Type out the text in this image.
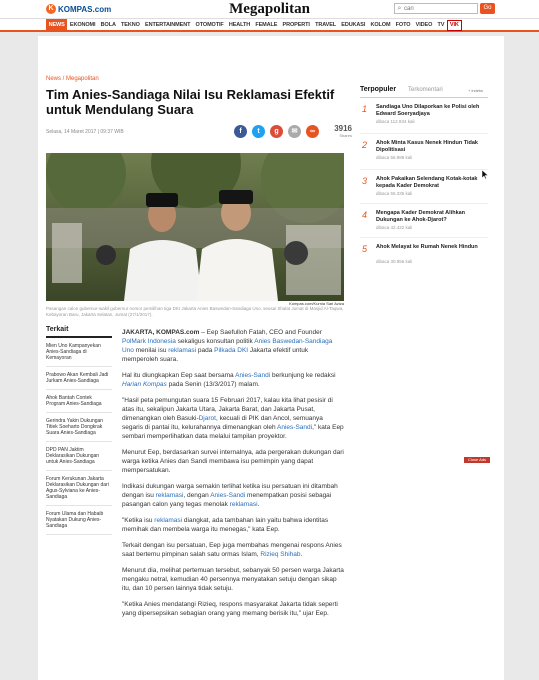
K KOMPAS.com	Megapolitan	⌕
cari	Go
NEWS EKONOMI BOLA TEKNO ENTERTAINMENT OTOMOTIF HEALTH FEMALE PROPERTI TRAVEL EDUKASI KOLOM FOTO VIDEO TV	VIK
News / Megapolitan
Tim Anies-Sandiaga Nilai Isu Reklamasi Efektif untuk Mendulang Suara
Selasa, 14 Maret 2017 | 09:37 WIB	f	t	g	✉	∞	3916
Shares
Kompas.com/Kurnia Sari Aziza
Pasangan calon gubernur-wakil gubernur nomor pemilihan tiga DKI Jakarta Anies Baswedan-Sandiaga Uno, seusai Shalat Jumat di Masjid Al-Taqwa, Kebayoran Baru, Jakarta Selatan, Jumat (27/1/2017).
Terkait
Mien Uno Kampanyekan Anies-Sandiaga di Kemayoran
Prabowo Akan Kembali Jadi Jurkam Anies-Sandiaga
Ahok Bantah Contek Program Anies-Sandiaga
Gerindra Yakin Dukungan Titiek Soeharto Dongkrak Suara Anies-Sandiaga
DPD PAN Jaktim Deklarasikan Dukungan untuk Anies-Sandiaga
Forum Kerukunan Jakarta Deklarasikan Dukungan dari Agus-Sylviana ke Anies-Sandiaga
Forum Ulama dan Habaib Nyatakan Dukung Anies-Sandiaga

JAKARTA, KOMPAS.com – Eep Saefulloh Fatah, CEO and Founder PolMark Indonesia sekaligus konsultan politik Anies Baswedan-Sandiaga Uno menilai isu reklamasi pada Pilkada DKI Jakarta efektif untuk memperoleh suara.

Hal itu diungkapkan Eep saat bersama Anies-Sandi berkunjung ke redaksi Harian Kompas pada Senin (13/3/2017) malam.

"Hasil peta pemungutan suara 15 Februari 2017, kalau kita lihat pesisir di atas itu, sekalipun Jakarta Utara, Jakarta Barat, dan Jakarta Pusat, dimenangkan oleh Basuki-Djarot, kecuali di PIK dan Ancol, semuanya segaris di pantai itu, kelurahannya dimenangkan oleh Anies-Sandi," kata Eep sembari memperlihatkan data melalui tampilan proyektor.

Menurut Eep, berdasarkan survei internalnya, ada pergerakan dukungan dari warga ketika Anies dan Sandi membawa isu pemimpin yang dapat mempersatukan.

Indikasi dukungan warga semakin terlihat ketika isu persatuan ini ditambah dengan isu reklamasi, dengan Anies-Sandi menempatkan posisi sebagai pasangan calon yang tegas menolak reklamasi.

"Ketika isu reklamasi diangkat, ada tambahan lain yaitu bahwa identitas memihak dan membela warga itu menegas," kata Eep.

Terkait dengan isu persatuan, Eep juga membahas mengenai respons Anies saat bertemu pimpinan salah satu ormas Islam, Rizieq Shihab.

Menurut dia, melihat pertemuan tersebut, sebanyak 50 persen warga Jakarta mengaku netral, kemudian 40 persennya menyatakan setuju dengan sikap itu, dan 10 persen lainnya tidak setuju.

"Ketika Anies mendatangi Rizieq, respons masyarakat Jakarta tidak seperti yang dipersepsikan sebagian orang yang memang berisik itu," ujar Eep.

Terpopuler Terkomentari	+ indeks
1 Sandiaga Uno Dilaporkan ke Polisi oleh Edward Soeryadjaya
dibaca 112.934 kali
2 Ahok Minta Kasus Nenek Hindun Tidak Dipolitisasi
dibaca 56.988 kali
3 Ahok Pakaikan Selendang Kotak-kotak kepada Kader Demokrat
dibaca 55.335 kali
4 Mengapa Kader Demokrat Alihkan Dukungan ke Ahok-Djarot?
dibaca 42.422 kali
5 Ahok Melayat ke Rumah Nenek Hindun
dibaca 30.956 kali
Close Ads
